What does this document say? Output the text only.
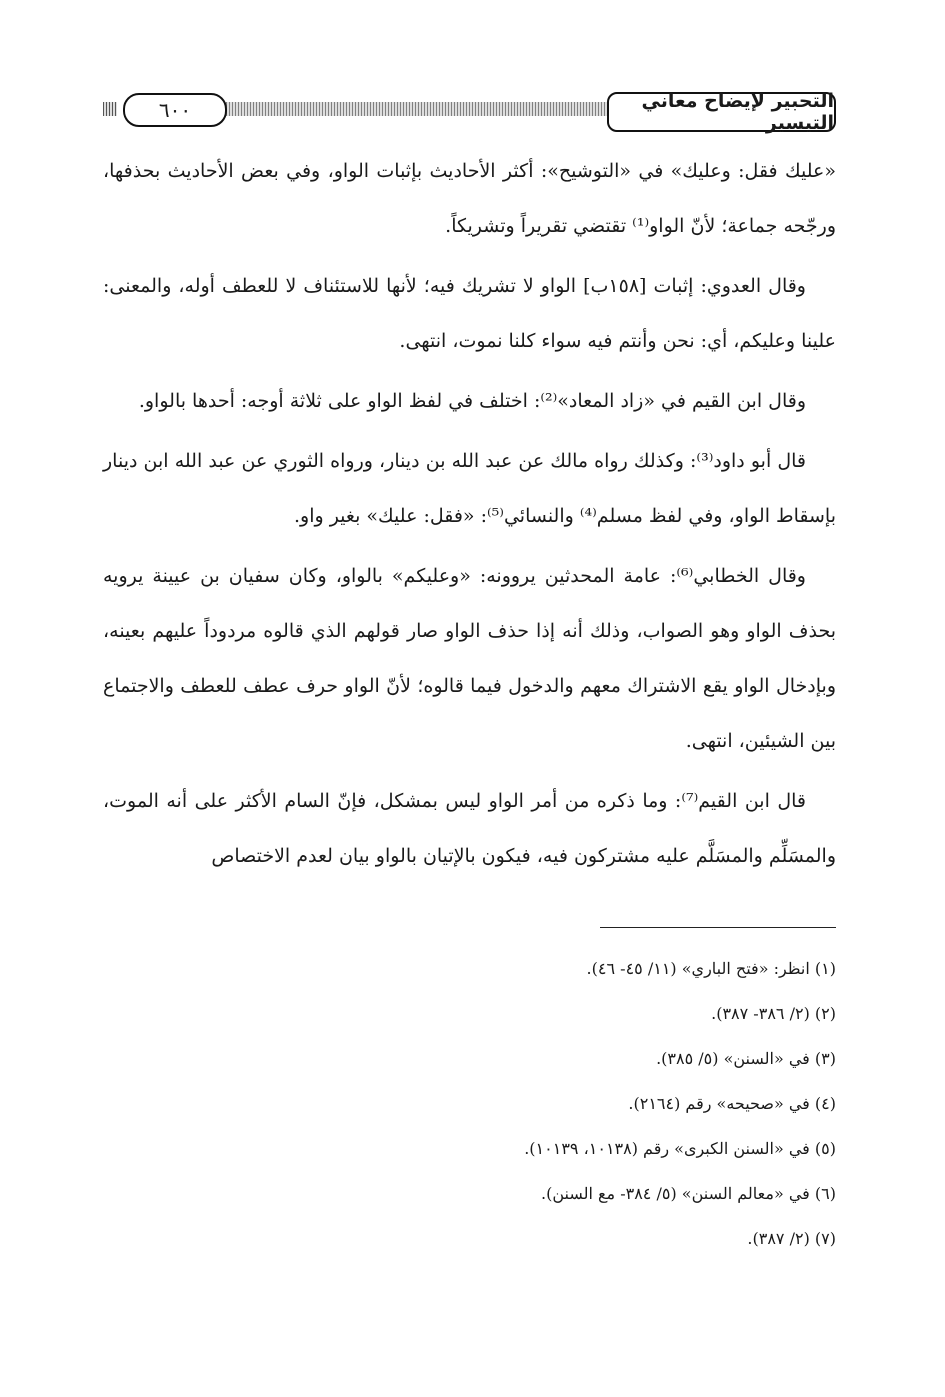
٦٠٠	التحبير لإيضاح معاني التيسير

«عليك فقل: وعليك» في «التوشيح»: أكثر الأحاديث بإثبات الواو، وفي بعض الأحاديث بحذفها، ورجّحه جماعة؛ لأنّ الواو⁽¹⁾ تقتضي تقريراً وتشريكاً.

وقال العدوي: إثبات [١٥٨ب] الواو لا تشريك فيه؛ لأنها للاستئناف لا للعطف أوله، والمعنى: علينا وعليكم، أي: نحن وأنتم فيه سواء كلنا نموت، انتهى.

وقال ابن القيم في «زاد المعاد»⁽²⁾: اختلف في لفظ الواو على ثلاثة أوجه: أحدها بالواو.

قال أبو داود⁽³⁾: وكذلك رواه مالك عن عبد الله بن دينار، ورواه الثوري عن عبد الله ابن دينار بإسقاط الواو، وفي لفظ مسلم⁽⁴⁾ والنسائي⁽⁵⁾: «فقل: عليك» بغير واو.

وقال الخطابي⁽⁶⁾: عامة المحدثين يروونه: «وعليكم» بالواو، وكان سفيان بن عيينة يرويه بحذف الواو وهو الصواب، وذلك أنه إذا حذف الواو صار قولهم الذي قالوه مردوداً عليهم بعينه، وبإدخال الواو يقع الاشتراك معهم والدخول فيما قالوه؛ لأنّ الواو حرف عطف للعطف والاجتماع بين الشيئين، انتهى.

قال ابن القيم⁽⁷⁾: وما ذكره من أمر الواو ليس بمشكل، فإنّ السام الأكثر على أنه الموت، والمسَلِّم والمسَلَّم عليه مشتركون فيه، فيكون بالإتيان بالواو بيان لعدم الاختصاص

(١) انظر: «فتح الباري» (١١/ ٤٥- ٤٦).
(٢) (٢/ ٣٨٦- ٣٨٧).
(٣) في «السنن» (٥/ ٣٨٥).
(٤) في «صحيحه» رقم (٢١٦٤).
(٥) في «السنن الكبرى» رقم (١٠١٣٨، ١٠١٣٩).
(٦) في «معالم السنن» (٥/ ٣٨٤- مع السنن).
(٧) (٢/ ٣٨٧).
